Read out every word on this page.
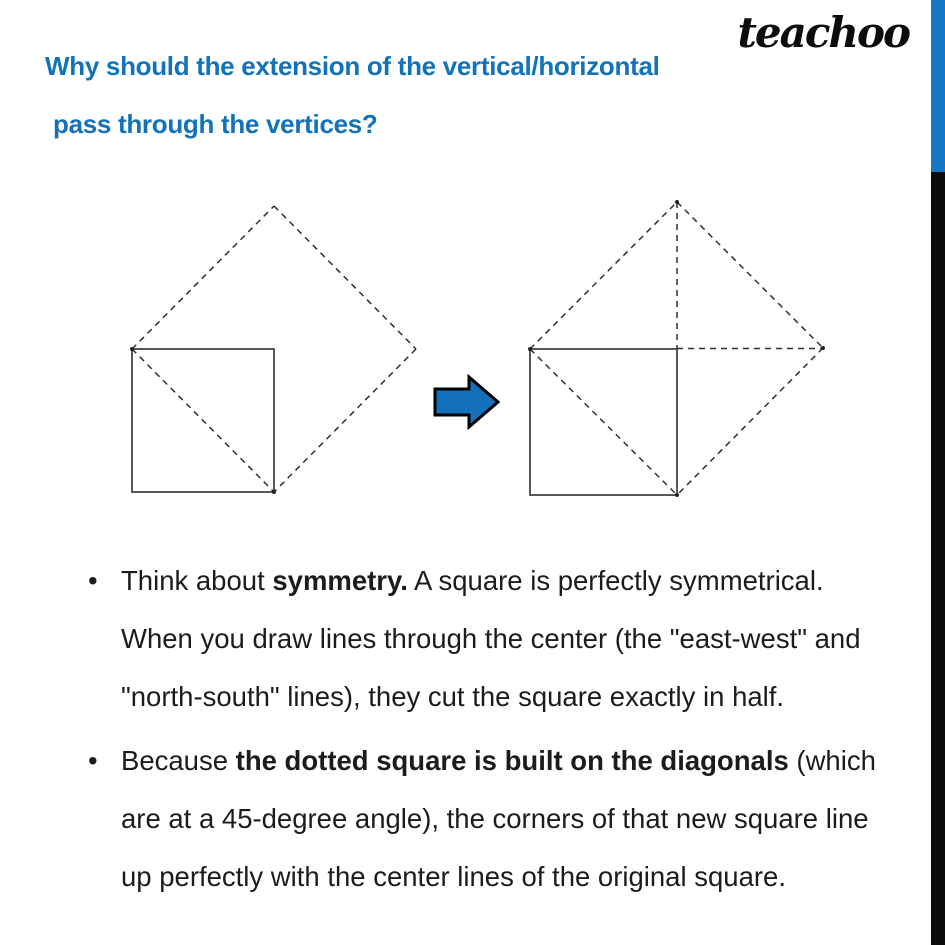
teachoo
Why should the extension of the vertical/horizontal
pass through the vertices?
• Think about symmetry. A square is perfectly symmetrical.
When you draw lines through the center (the "east-west" and
"north-south" lines), they cut the square exactly in half.
• Because the dotted square is built on the diagonals (which
are at a 45-degree angle), the corners of that new square line
up perfectly with the center lines of the original square.
